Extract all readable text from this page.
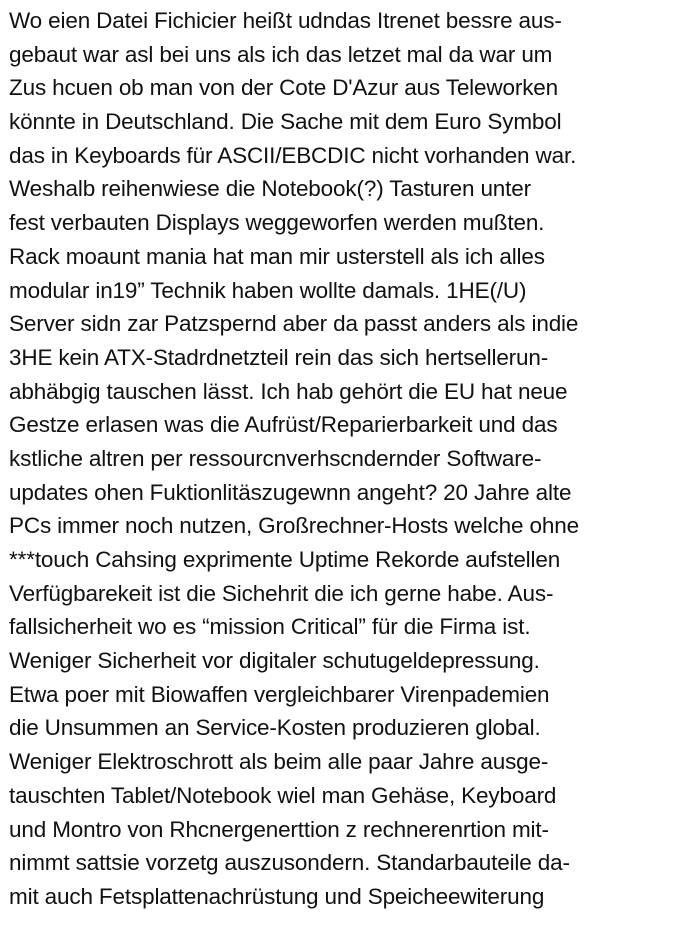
Wo eien Datei Fichicier heißt udndas Itrenet bessre aus-
gebaut war asl bei uns als ich das letzet mal da war um
Zus hcuen ob man von der Cote D'Azur aus Teleworken
könnte in Deutschland. Die Sache mit dem Euro Symbol
das in Keyboards für ASCII/EBCDIC nicht vorhanden war.
Weshalb reihenwiese die Notebook(?) Tasturen unter
fest verbauten Displays weggeworfen werden mußten.
Rack moaunt mania hat man mir usterstell als ich alles
modular in19” Technik haben wollte damals. 1HE(/U)
Server sidn zar Patzspernd aber da passt anders als indie
3HE kein ATX-Stadrdnetzteil rein das sich hertsellerun-
abhäbgig tauschen lässt. Ich hab gehört die EU hat neue
Gestze erlasen was die Aufrüst/Reparierbarkeit und das
kstliche altren per ressourcnverhscndernder Software-
updates ohen Fuktionlitäszugewnn angeht? 20 Jahre alte
PCs immer noch nutzen, Großrechner-Hosts welche ohne
***touch Cahsing exprimente Uptime Rekorde aufstellen
Verfügbarekeit ist die Sichehrit die ich gerne habe. Aus-
fallsicherheit wo es “mission Critical” für die Firma ist.
Weniger Sicherheit vor digitaler schutugeldepressung.
Etwa poer mit Biowaffen vergleichbarer Virenpademien
die Unsummen an Service-Kosten produzieren global.
Weniger Elektroschrott als beim alle paar Jahre ausge-
tauschten Tablet/Notebook wiel man Gehäse, Keyboard
und Montro von Rhcnergenerttion z rechnerenrtion mit-
nimmt sattsie vorzetg auszusondern. Standarbauteile da-
mit auch Fetsplattenachrüstung und Speicheewiterung
